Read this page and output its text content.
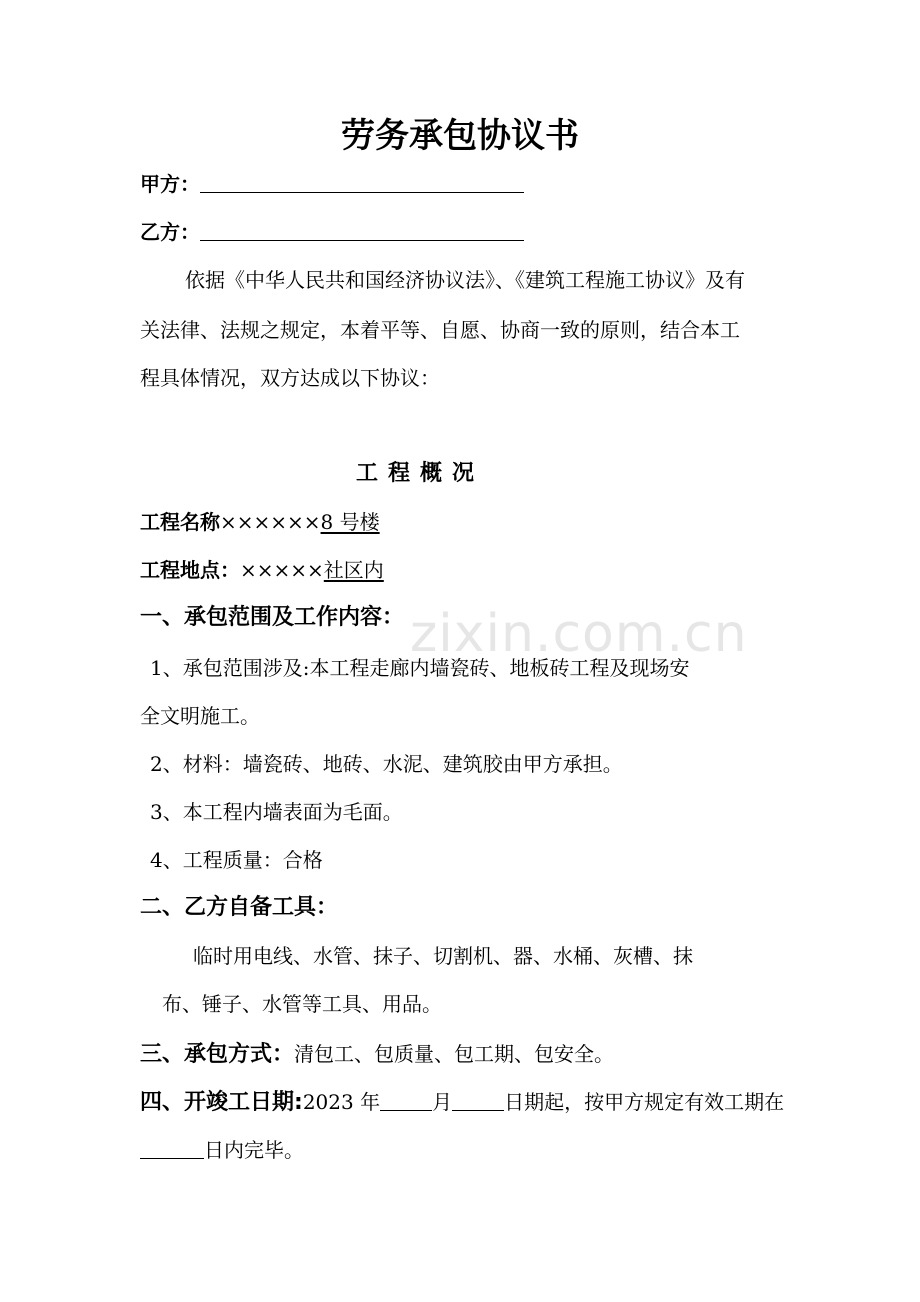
zixin.com.cn
劳务承包协议书
甲方：
乙方：
依据《中华人民共和国经济协议法》、《建筑工程施工协议》及有
关法律、法规之规定，本着平等、自愿、协商一致的原则，结合本工
程具体情况，双方达成以下协议：
工程概况
工程名称××××××8 号楼
工程地点：×××××社区内
一、承包范围及工作内容：
1、承包范围涉及:本工程走廊内墙瓷砖、地板砖工程及现场安
全文明施工。
2、材料：墙瓷砖、地砖、水泥、建筑胶由甲方承担。
3、本工程内墙表面为毛面。
4、工程质量：合格
二、乙方自备工具：
临时用电线、水管、抹子、切割机、器、水桶、灰槽、抹
布、锤子、水管等工具、用品。
三、承包方式：清包工、包质量、包工期、包安全。
四、开竣工日期:2023 年	月	日期起，按甲方规定有效工期在
日内完毕。
